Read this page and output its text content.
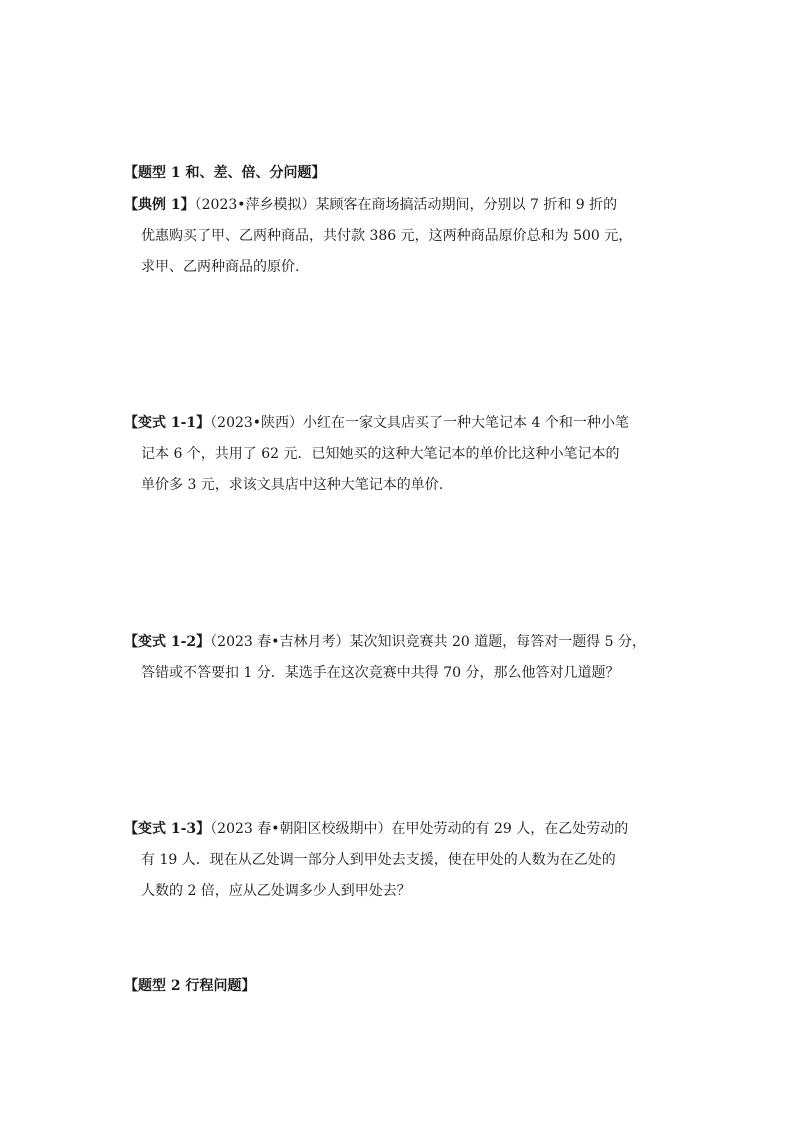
【题型 1 和、差、倍、分问题】
【典例 1】（2023•萍乡模拟）某顾客在商场搞活动期间，分别以 7 折和 9 折的
优惠购买了甲、乙两种商品，共付款 386 元，这两种商品原价总和为 500 元，
求甲、乙两种商品的原价.
【变式 1-1】（2023•陕西）小红在一家文具店买了一种大笔记本 4 个和一种小笔
记本 6 个，共用了 62 元．已知她买的这种大笔记本的单价比这种小笔记本的
单价多 3 元，求该文具店中这种大笔记本的单价.
【变式 1-2】（2023 春•吉林月考）某次知识竞赛共 20 道题，每答对一题得 5 分，
答错或不答要扣 1 分．某选手在这次竞赛中共得 70 分，那么他答对几道题？
【变式 1-3】（2023 春•朝阳区校级期中）在甲处劳动的有 29 人，在乙处劳动的
有 19 人．现在从乙处调一部分人到甲处去支援，使在甲处的人数为在乙处的
人数的 2 倍，应从乙处调多少人到甲处去？
【题型 2 行程问题】
